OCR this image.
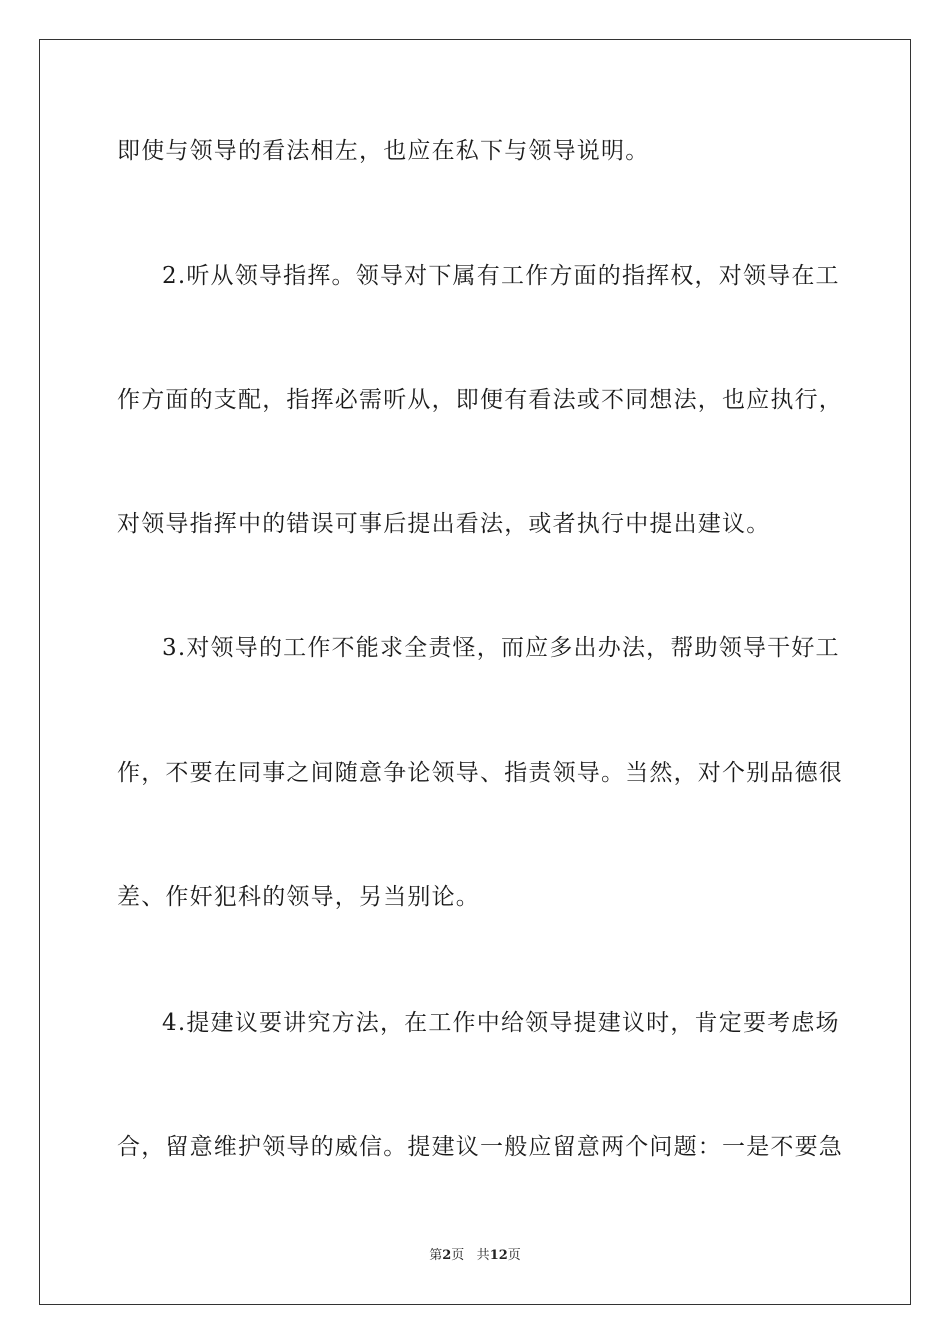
即使与领导的看法相左，也应在私下与领导说明。
2.听从领导指挥。领导对下属有工作方面的指挥权，对领导在工
作方面的支配，指挥必需听从，即便有看法或不同想法，也应执行，
对领导指挥中的错误可事后提出看法，或者执行中提出建议。
3.对领导的工作不能求全责怪，而应多出办法，帮助领导干好工
作，不要在同事之间随意争论领导、指责领导。当然，对个别品德很
差、作奸犯科的领导，另当别论。
4.提建议要讲究方法，在工作中给领导提建议时，肯定要考虑场
合，留意维护领导的威信。提建议一般应留意两个问题：一是不要急
第2页 共12页
